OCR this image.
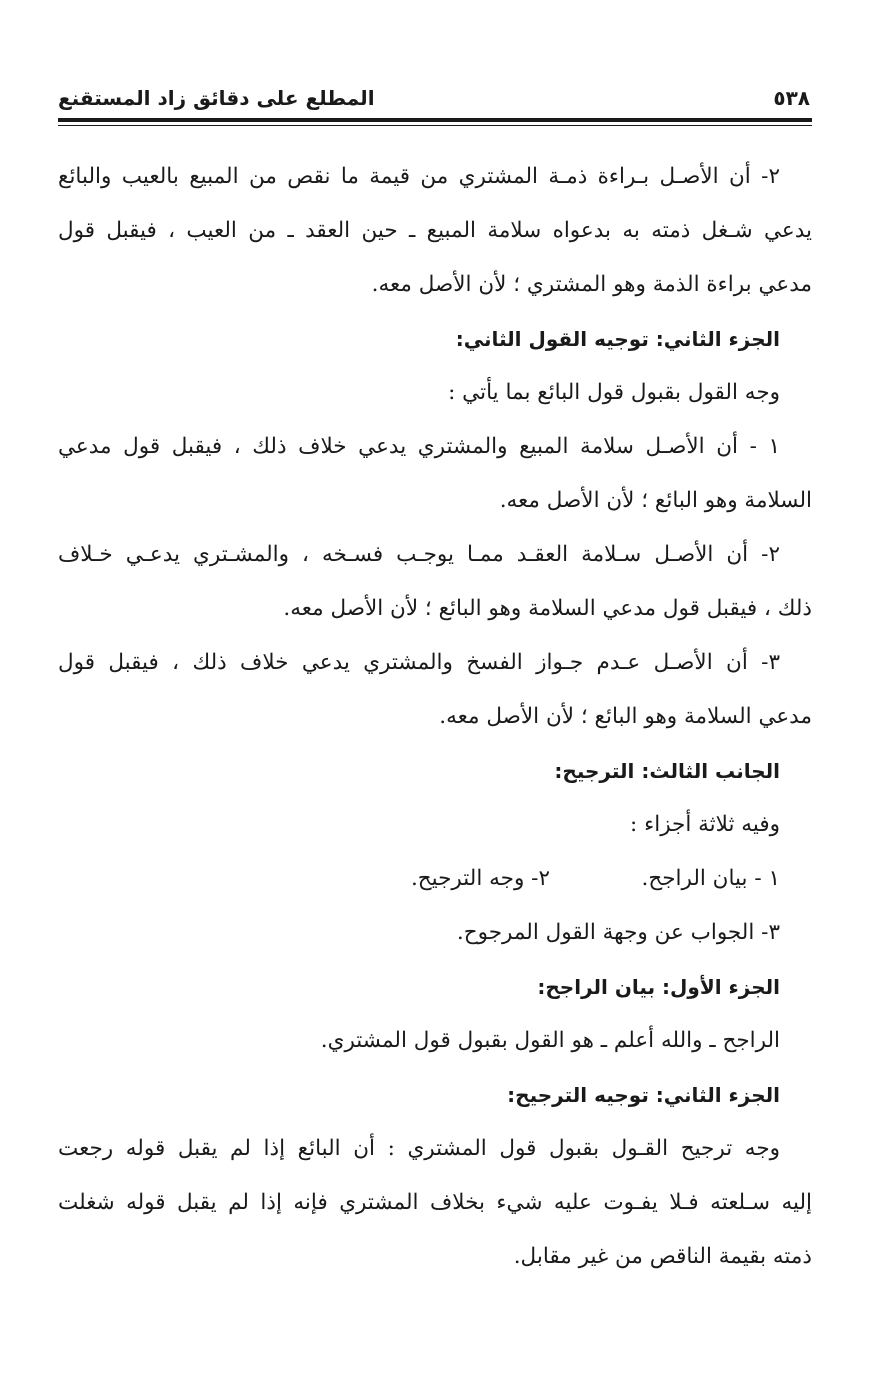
المطلع على دقائق زاد المستقنع	٥٣٨
٢- أن الأصـل بـراءة ذمـة المشتري من قيمة ما نقص من المبيع بالعيب والبائع
يدعي شـغل ذمته به بدعواه سلامة المبيع ـ حين العقد ـ من العيب ، فيقبل قول
مدعي براءة الذمة وهو المشتري ؛ لأن الأصل معه.
الجزء الثاني: توجيه القول الثاني:
وجه القول بقبول قول البائع بما يأتي :
١ - أن الأصـل سلامة المبيع والمشتري يدعي خلاف ذلك ، فيقبل قول مدعي
السلامة وهو البائع ؛ لأن الأصل معه.
٢- أن الأصـل سـلامة العقـد ممـا يوجـب فسـخه ، والمشـتري يدعـي خـلاف
ذلك ، فيقبل قول مدعي السلامة وهو البائع ؛ لأن الأصل معه.
٣- أن الأصـل عـدم جـواز الفسخ والمشتري يدعي خلاف ذلك ، فيقبل قول
مدعي السلامة وهو البائع ؛ لأن الأصل معه.
الجانب الثالث: الترجيح:
وفيه ثلاثة أجزاء :
١ - بيان الراجح.
٢- وجه الترجيح.
٣- الجواب عن وجهة القول المرجوح.
الجزء الأول: بيان الراجح:
الراجح ـ والله أعلم ـ هو القول بقبول قول المشتري.
الجزء الثاني: توجيه الترجيح:
وجه ترجيح القـول بقبول قول المشتري : أن البائع إذا لم يقبل قوله رجعت
إليه سـلعته فـلا يفـوت عليه شيء بخلاف المشتري فإنه إذا لم يقبل قوله شغلت
ذمته بقيمة الناقص من غير مقابل.
